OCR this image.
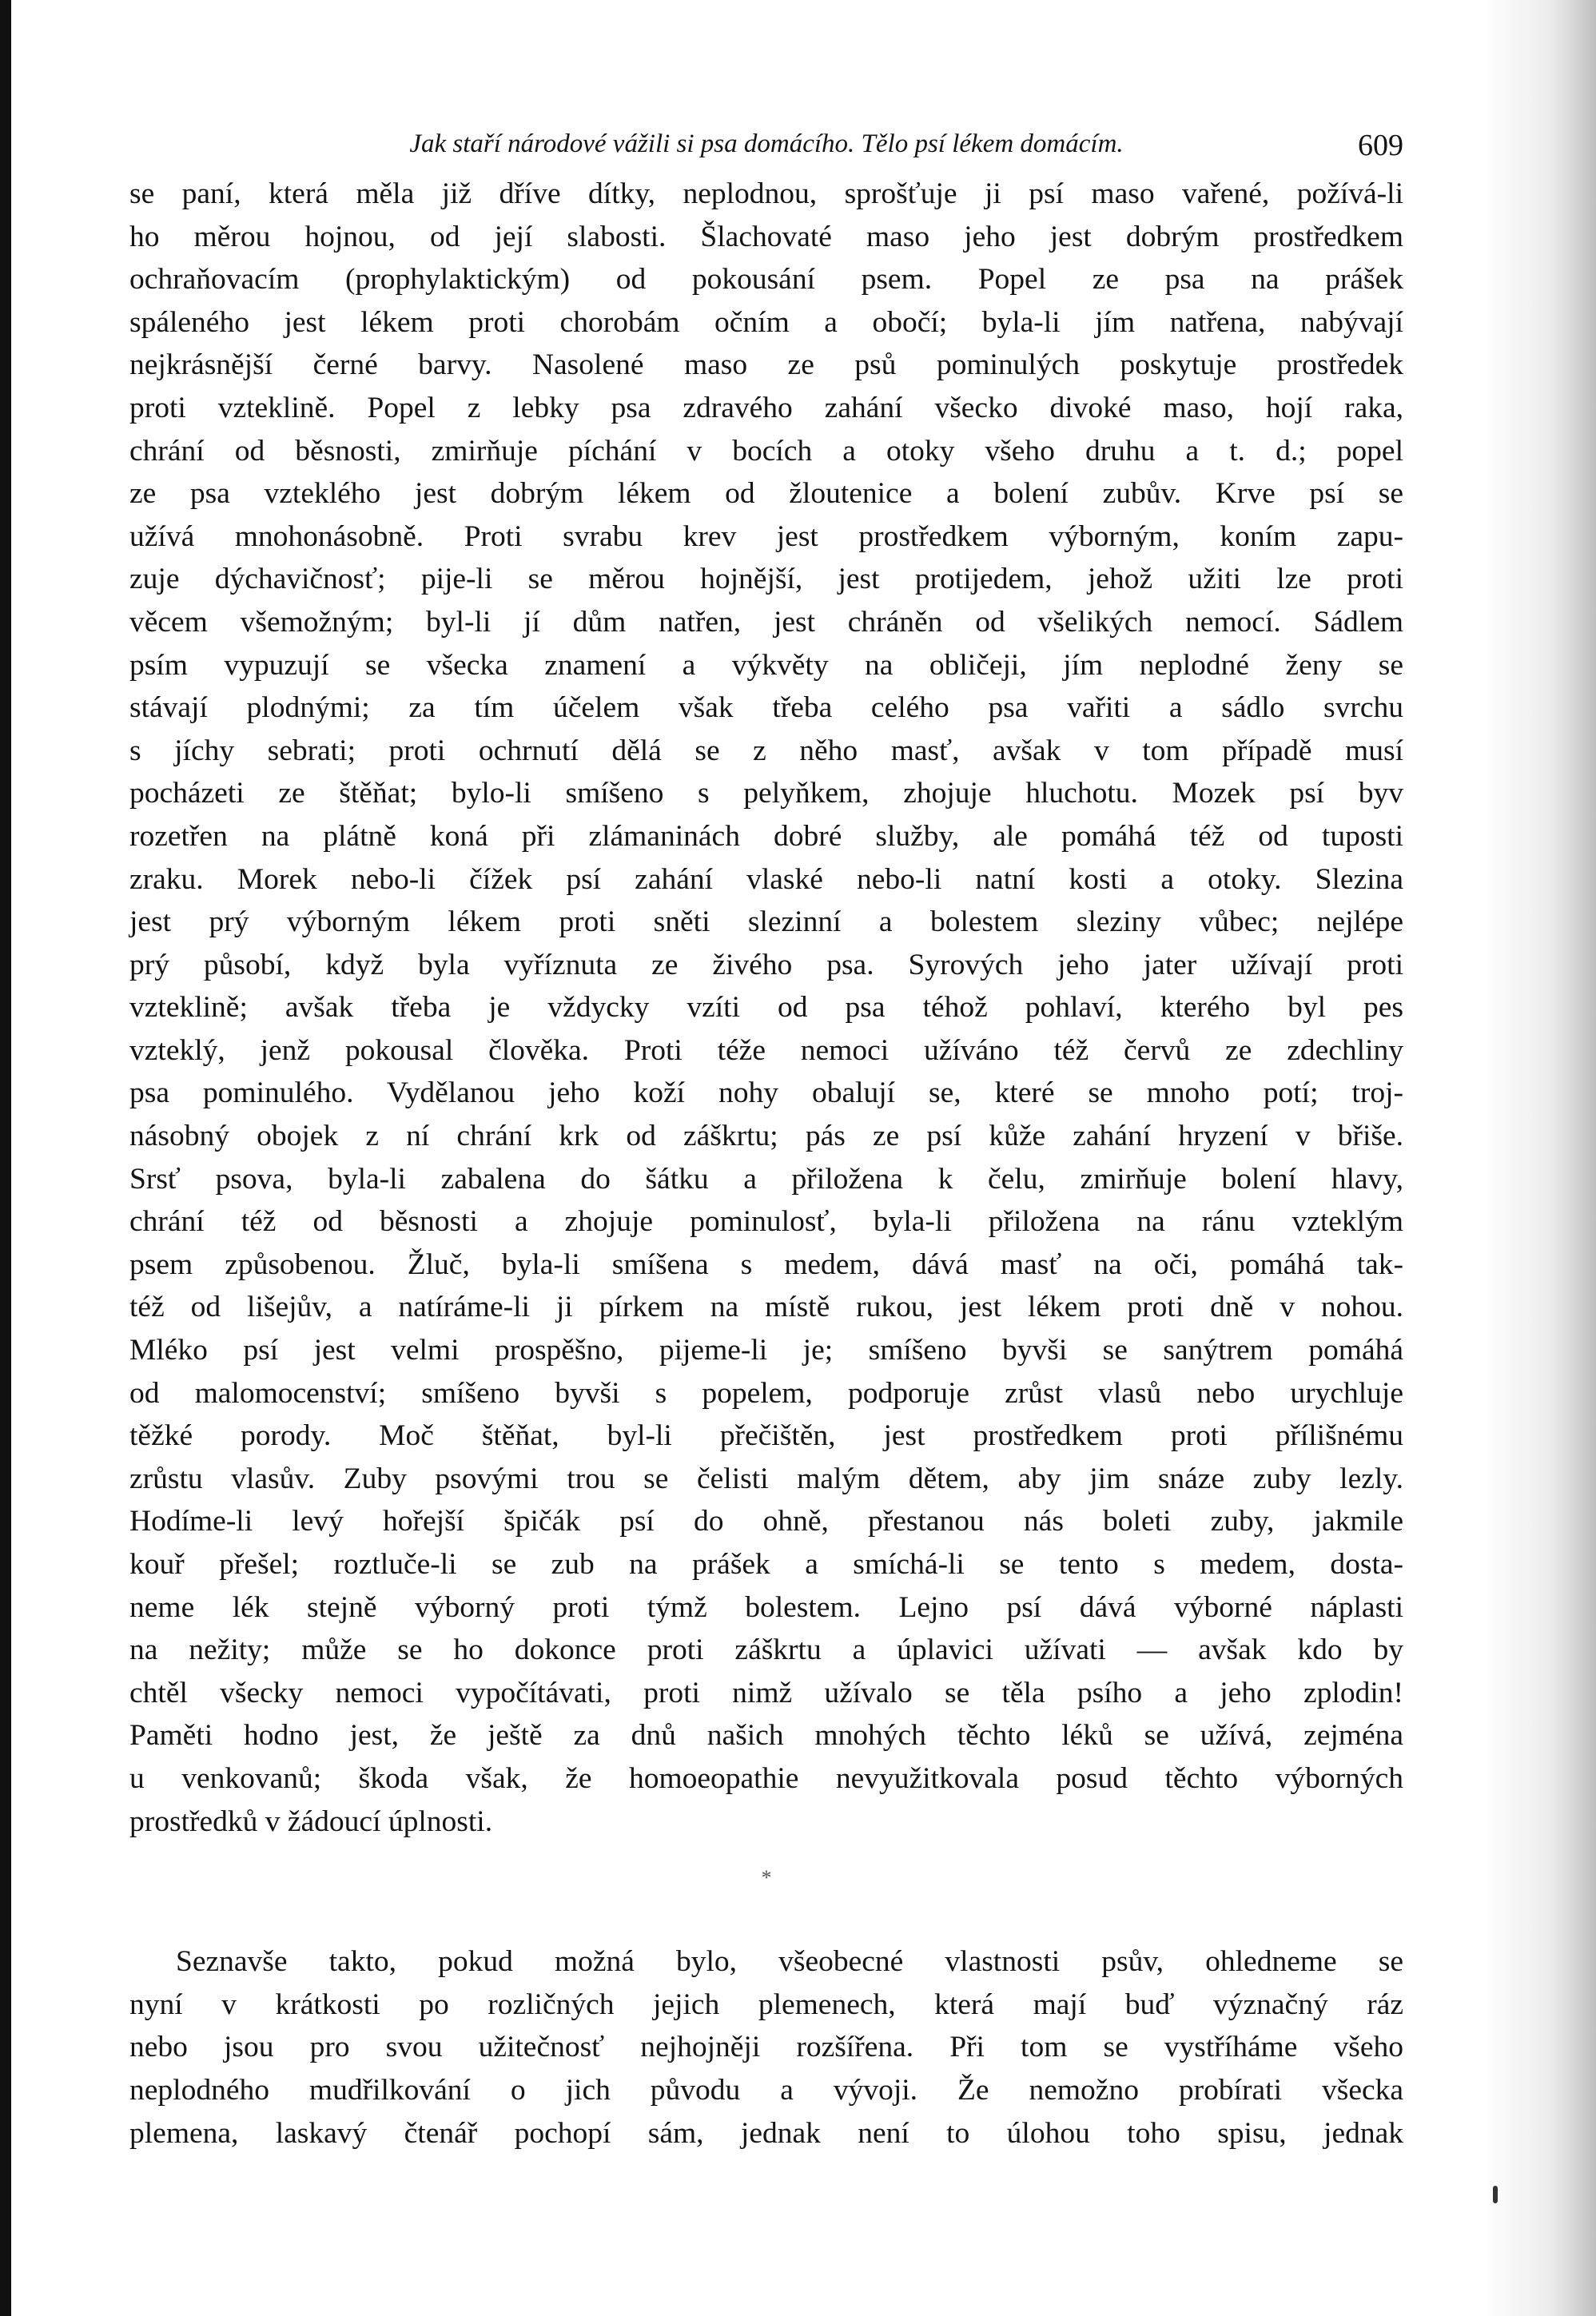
Jak staří národové vážili si psa domácího. Tělo psí lékem domácím.	609
se paní, která měla již dříve dítky, neplodnou, sprošťuje ji psí maso vařené, požívá-li
ho měrou hojnou, od její slabosti. Šlachovaté maso jeho jest dobrým prostředkem
ochraňovacím (prophylaktickým) od pokousání psem. Popel ze psa na prášek
spáleného jest lékem proti chorobám očním a obočí; byla-li jím natřena, nabývají
nejkrásnější černé barvy. Nasolené maso ze psů pominulých poskytuje prostředek
proti vzteklině. Popel z lebky psa zdravého zahání všecko divoké maso, hojí raka,
chrání od běsnosti, zmirňuje píchání v bocích a otoky všeho druhu a t. d.; popel
ze psa vzteklého jest dobrým lékem od žloutenice a bolení zubův. Krve psí se
užívá mnohonásobně. Proti svrabu krev jest prostředkem výborným, koním zapu-
zuje dýchavičnosť; pije-li se měrou hojnější, jest protijedem, jehož užiti lze proti
věcem všemožným; byl-li jí dům natřen, jest chráněn od všelikých nemocí. Sádlem
psím vypuzují se všecka znamení a výkvěty na obličeji, jím neplodné ženy se
stávají plodnými; za tím účelem však třeba celého psa vařiti a sádlo svrchu
s jíchy sebrati; proti ochrnutí dělá se z něho masť, avšak v tom případě musí
pocházeti ze štěňat; bylo-li smíšeno s pelyňkem, zhojuje hluchotu. Mozek psí byv
rozetřen na plátně koná při zlámaninách dobré služby, ale pomáhá též od tuposti
zraku. Morek nebo-li čížek psí zahání vlaské nebo-li natní kosti a otoky. Slezina
jest prý výborným lékem proti sněti slezinní a bolestem sleziny vůbec; nejlépe
prý působí, když byla vyříznuta ze živého psa. Syrových jeho jater užívají proti
vzteklině; avšak třeba je vždycky vzíti od psa téhož pohlaví, kterého byl pes
vzteklý, jenž pokousal člověka. Proti téže nemoci užíváno též červů ze zdechliny
psa pominulého. Vydělanou jeho koží nohy obalují se, které se mnoho potí; troj-
násobný obojek z ní chrání krk od záškrtu; pás ze psí kůže zahání hryzení v břiše.
Srsť psova, byla-li zabalena do šátku a přiložena k čelu, zmirňuje bolení hlavy,
chrání též od běsnosti a zhojuje pominulosť, byla-li přiložena na ránu vzteklým
psem způsobenou. Žluč, byla-li smíšena s medem, dává masť na oči, pomáhá tak-
též od lišejův, a natíráme-li ji pírkem na místě rukou, jest lékem proti dně v nohou.
Mléko psí jest velmi prospěšno, pijeme-li je; smíšeno byvši se sanýtrem pomáhá
od malomocenství; smíšeno byvši s popelem, podporuje zrůst vlasů nebo urychluje
těžké porody. Moč štěňat, byl-li přečištěn, jest prostředkem proti přílišnému
zrůstu vlasův. Zuby psovými trou se čelisti malým dětem, aby jim snáze zuby lezly.
Hodíme-li levý hořejší špičák psí do ohně, přestanou nás boleti zuby, jakmile
kouř přešel; roztluče-li se zub na prášek a smíchá-li se tento s medem, dosta-
neme lék stejně výborný proti týmž bolestem. Lejno psí dává výborné náplasti
na nežity; může se ho dokonce proti záškrtu a úplavici užívati — avšak kdo by
chtěl všecky nemoci vypočítávati, proti nimž užívalo se těla psího a jeho zplodin!
Paměti hodno jest, že ještě za dnů našich mnohých těchto léků se užívá, zejména
u venkovanů; škoda však, že homoeopathie nevyužitkovala posud těchto výborných
prostředků v žádoucí úplnosti.
*
Seznavše takto, pokud možná bylo, všeobecné vlastnosti psův, ohledneme se
nyní v krátkosti po rozličných jejich plemenech, která mají buď význačný ráz
nebo jsou pro svou užitečnosť nejhojněji rozšířena. Při tom se vystříháme všeho
neplodného mudřilkování o jich původu a vývoji. Že nemožno probírati všecka
plemena, laskavý čtenář pochopí sám, jednak není to úlohou toho spisu, jednak
